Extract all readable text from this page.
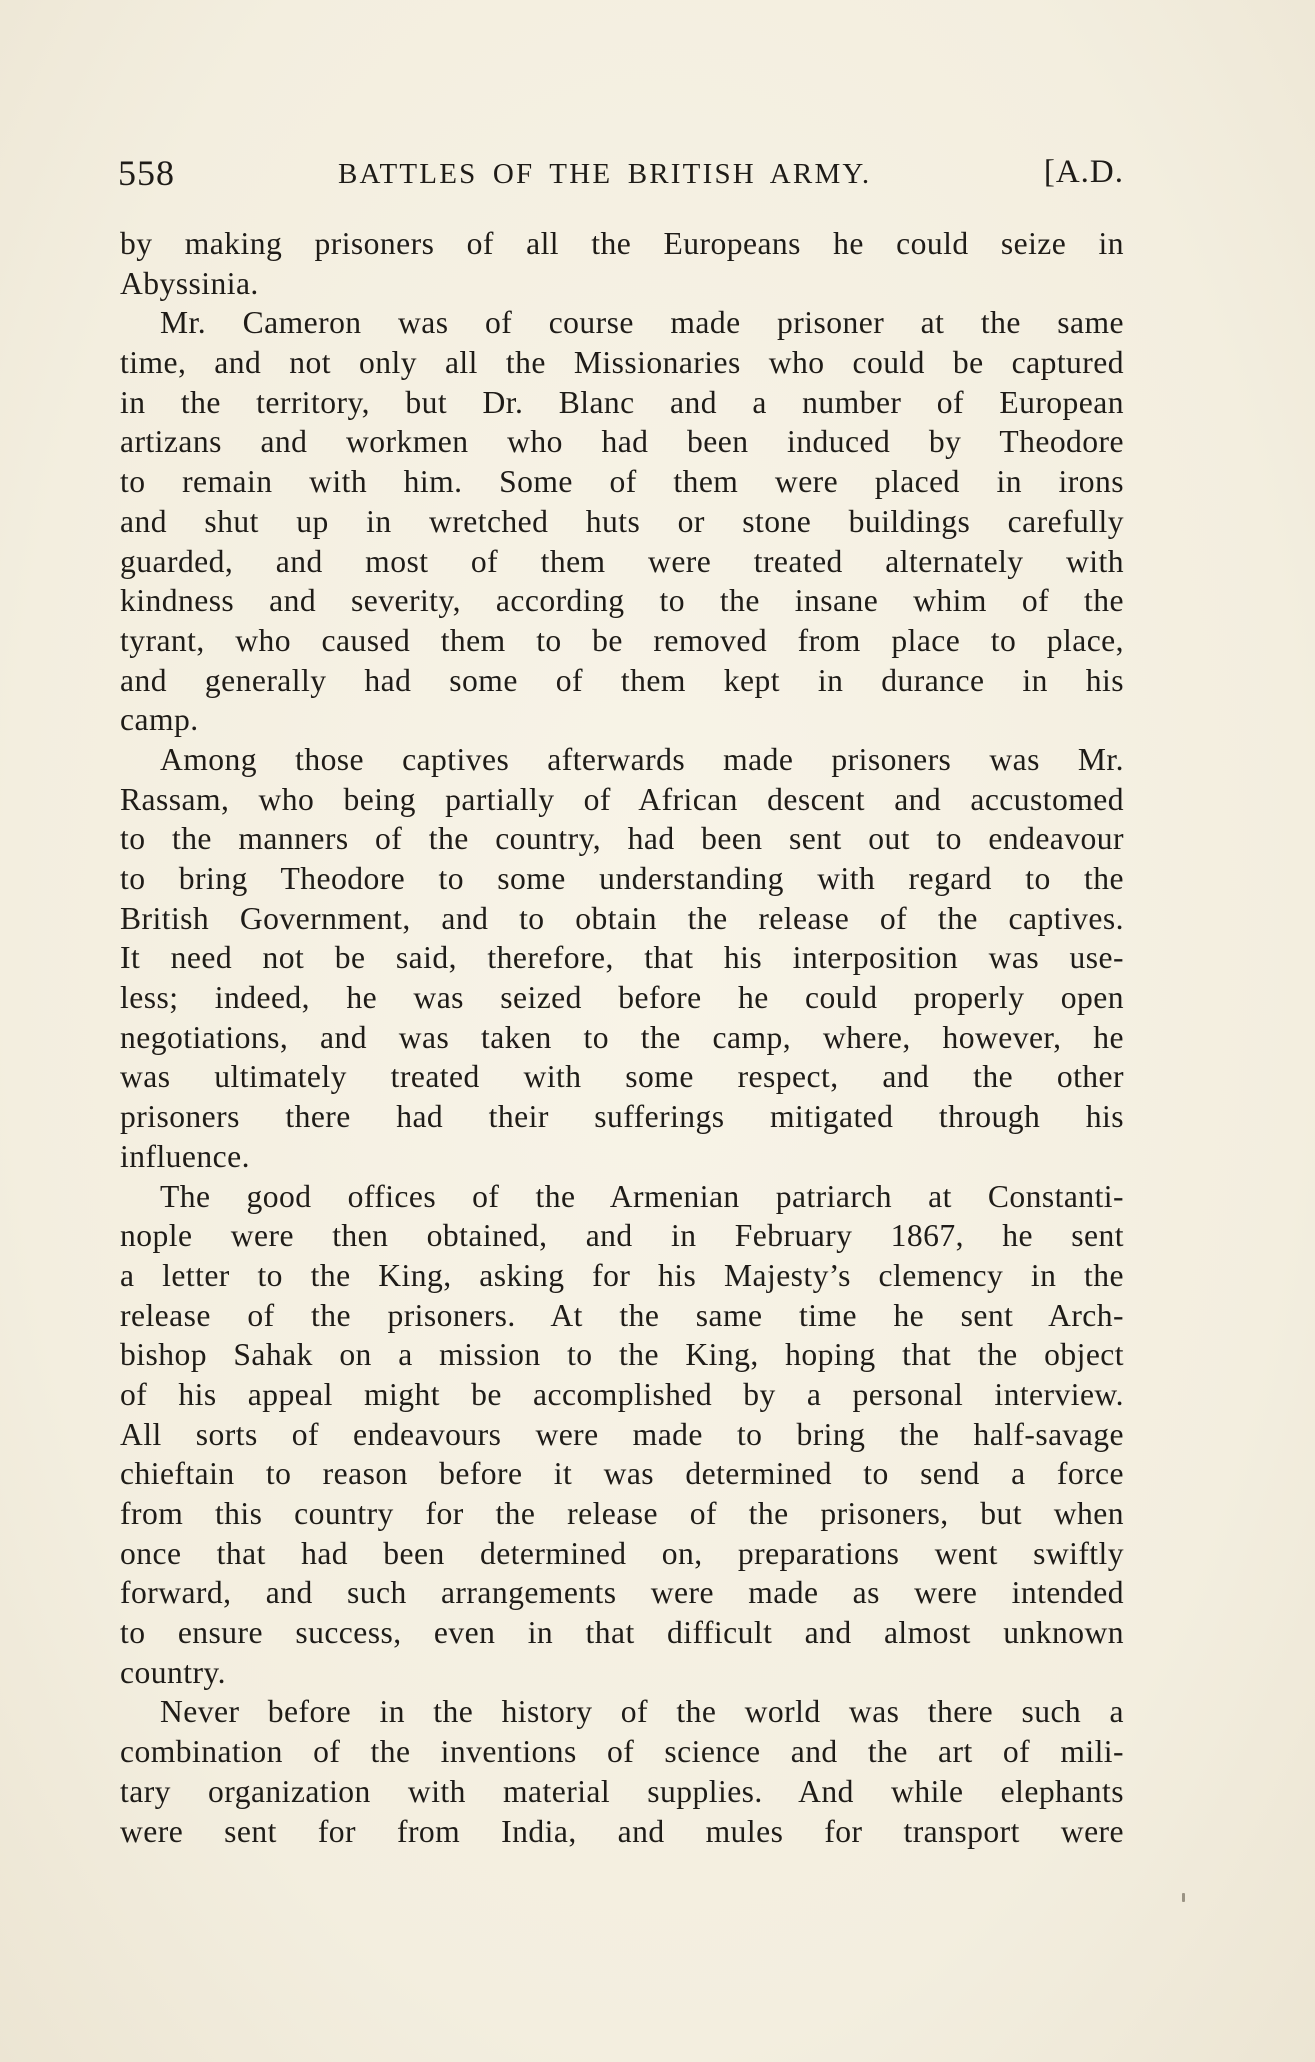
558	BATTLES OF THE BRITISH ARMY.	[A.D.
by making prisoners of all the Europeans he could seize in
Abyssinia.
Mr. Cameron was of course made prisoner at the same
time, and not only all the Missionaries who could be captured
in the territory, but Dr. Blanc and a number of European
artizans and workmen who had been induced by Theodore
to remain with him. Some of them were placed in irons
and shut up in wretched huts or stone buildings carefully
guarded, and most of them were treated alternately with
kindness and severity, according to the insane whim of the
tyrant, who caused them to be removed from place to place,
and generally had some of them kept in durance in his
camp.
Among those captives afterwards made prisoners was Mr.
Rassam, who being partially of African descent and accustomed
to the manners of the country, had been sent out to endeavour
to bring Theodore to some understanding with regard to the
British Government, and to obtain the release of the captives.
It need not be said, therefore, that his interposition was use-
less; indeed, he was seized before he could properly open
negotiations, and was taken to the camp, where, however, he
was ultimately treated with some respect, and the other
prisoners there had their sufferings mitigated through his
influence.
The good offices of the Armenian patriarch at Constanti-
nople were then obtained, and in February 1867, he sent
a letter to the King, asking for his Majesty’s clemency in the
release of the prisoners. At the same time he sent Arch-
bishop Sahak on a mission to the King, hoping that the object
of his appeal might be accomplished by a personal interview.
All sorts of endeavours were made to bring the half-savage
chieftain to reason before it was determined to send a force
from this country for the release of the prisoners, but when
once that had been determined on, preparations went swiftly
forward, and such arrangements were made as were intended
to ensure success, even in that difficult and almost unknown
country.
Never before in the history of the world was there such a
combination of the inventions of science and the art of mili-
tary organization with material supplies. And while elephants
were sent for from India, and mules for transport were
